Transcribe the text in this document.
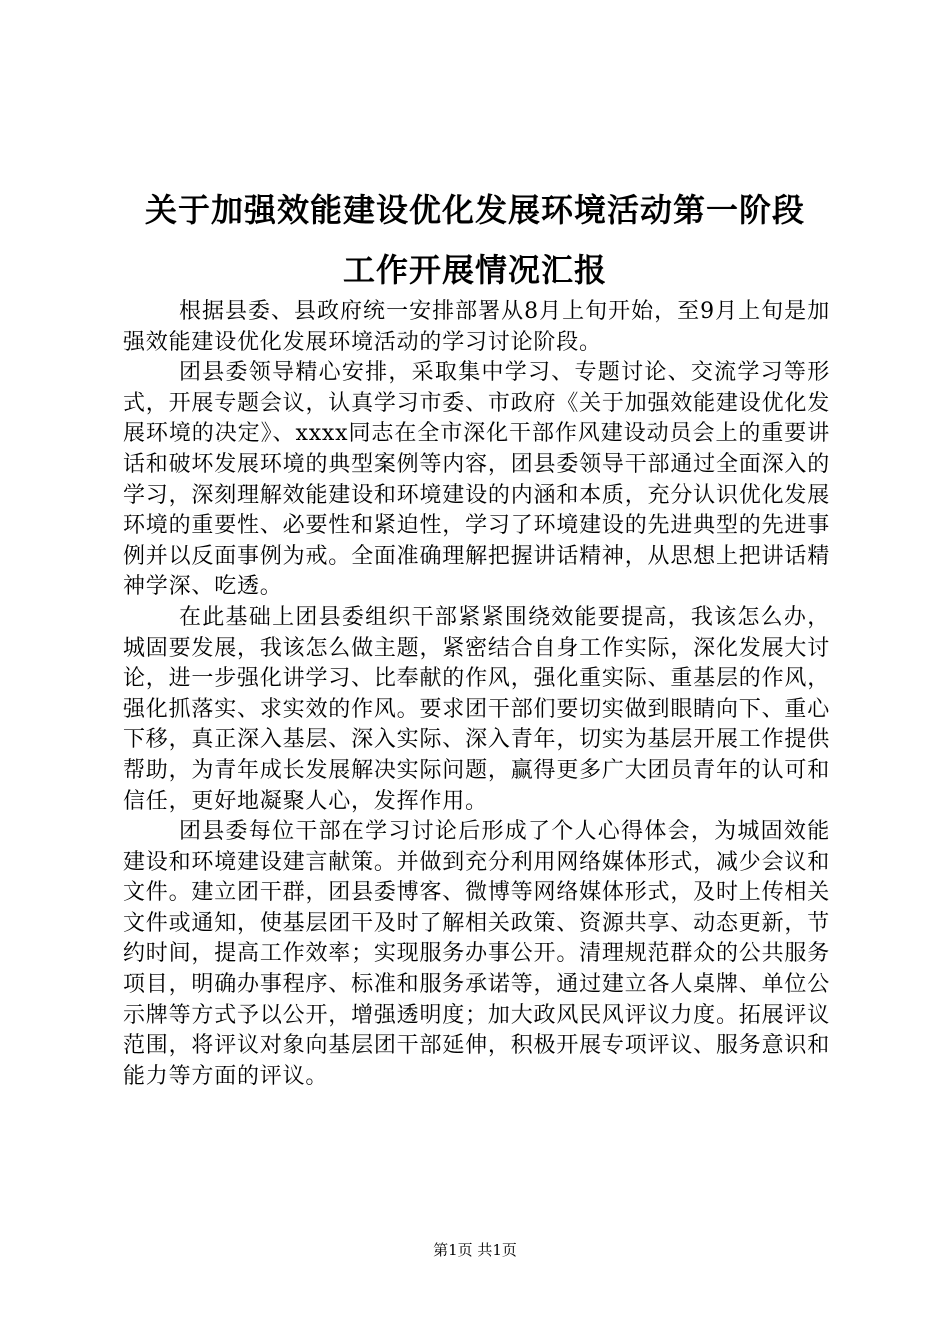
关于加强效能建设优化发展环境活动第一阶段
工作开展情况汇报

根据县委、县政府统一安排部署从8月上旬开始，至9月上旬是加强效能建设优化发展环境活动的学习讨论阶段。

团县委领导精心安排，采取集中学习、专题讨论、交流学习等形式，开展专题会议，认真学习市委、市政府《关于加强效能建设优化发展环境的决定》、xxxx同志在全市深化干部作风建设动员会上的重要讲话和破坏发展环境的典型案例等内容，团县委领导干部通过全面深入的学习，深刻理解效能建设和环境建设的内涵和本质，充分认识优化发展环境的重要性、必要性和紧迫性，学习了环境建设的先进典型的先进事例并以反面事例为戒。全面准确理解把握讲话精神，从思想上把讲话精神学深、吃透。

在此基础上团县委组织干部紧紧围绕效能要提高，我该怎么办，城固要发展，我该怎么做主题，紧密结合自身工作实际，深化发展大讨论，进一步强化讲学习、比奉献的作风，强化重实际、重基层的作风，强化抓落实、求实效的作风。要求团干部们要切实做到眼睛向下、重心下移，真正深入基层、深入实际、深入青年，切实为基层开展工作提供帮助，为青年成长发展解决实际问题，赢得更多广大团员青年的认可和信任，更好地凝聚人心，发挥作用。

团县委每位干部在学习讨论后形成了个人心得体会，为城固效能建设和环境建设建言献策。并做到充分利用网络媒体形式，减少会议和文件。建立团干群，团县委博客、微博等网络媒体形式，及时上传相关文件或通知，使基层团干及时了解相关政策、资源共享、动态更新，节约时间，提高工作效率；实现服务办事公开。清理规范群众的公共服务项目，明确办事程序、标准和服务承诺等，通过建立各人桌牌、单位公示牌等方式予以公开，增强透明度；加大政风民风评议力度。拓展评议范围，将评议对象向基层团干部延伸，积极开展专项评议、服务意识和能力等方面的评议。

第1页 共1页
